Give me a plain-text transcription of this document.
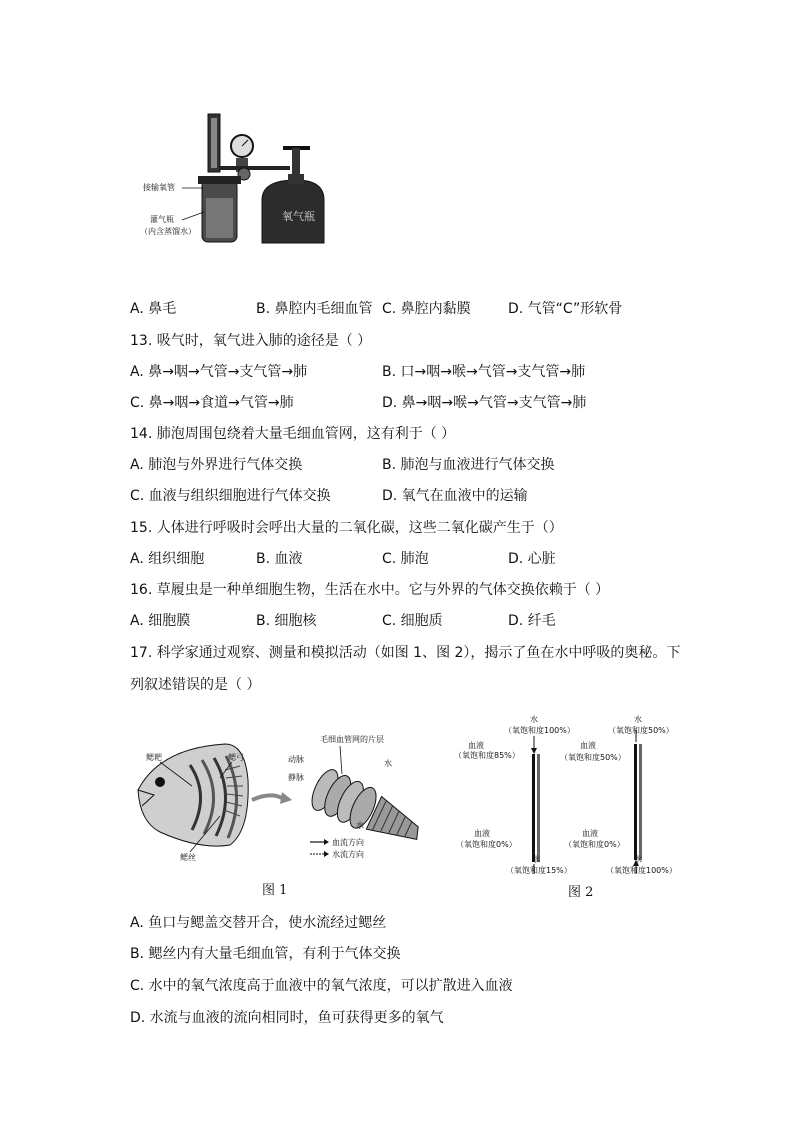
氧气瓶
接输氧管
灌气瓶
（内含蒸馏水）
A. 鼻毛	B. 鼻腔内毛细血管 C. 鼻腔内黏膜	D. 气管“C”形软骨
13. 吸气时，氧气进入肺的途径是（ ）
A. 鼻→咽→气管→支气管→肺	B. 口→咽→喉→气管→支气管→肺
C. 鼻→咽→食道→气管→肺	D. 鼻→咽→喉→气管→支气管→肺
14. 肺泡周围包绕着大量毛细血管网，这有利于（ ）
A. 肺泡与外界进行气体交换	B. 肺泡与血液进行气体交换
C. 血液与组织细胞进行气体交换	D. 氧气在血液中的运输
15. 人体进行呼吸时会呼出大量的二氧化碳，这些二氧化碳产生于（）
A. 组织细胞	B. 血液	C. 肺泡	D. 心脏
16. 草履虫是一种单细胞生物，生活在水中。它与外界的气体交换依赖于（ ）
A. 细胞膜	B. 细胞核	C. 细胞质	D. 纤毛
17. 科学家通过观察、测量和模拟活动（如图 1、图 2），揭示了鱼在水中呼吸的奥秘。下
列叙述错误的是（ ）
鳃耙	鳃弓
鳃丝
毛细血管网的片层
动脉
静脉
水
水
血流方向
水流方向
图 1
水
（氧饱和度100%）
血液
（氧饱和度85%）
血液
（氧饱和度0%）
水
（氧饱和度15%）
水
（氧饱和度50%）
血液
（氧饱和度50%）
血液
（氧饱和度0%）
水
（氧饱和度100%）
图 2
A. 鱼口与鳃盖交替开合，使水流经过鳃丝
B. 鳃丝内有大量毛细血管，有利于气体交换
C. 水中的氧气浓度高于血液中的氧气浓度，可以扩散进入血液
D. 水流与血液的流向相同时，鱼可获得更多的氧气
